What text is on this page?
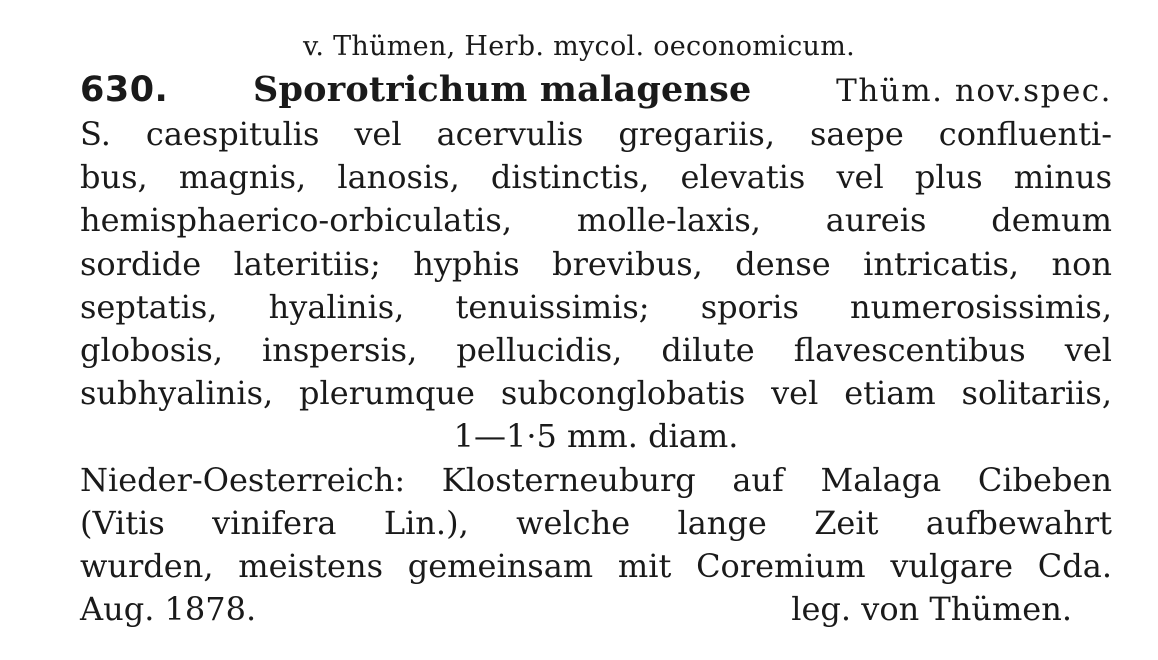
v. Thümen, Herb. mycol. oeconomicum.
630. Sporotrichum malagense	Thüm. nov.spec.
S. caespitulis vel acervulis gregariis, saepe confluenti-
bus, magnis, lanosis, distinctis, elevatis vel plus minus
hemisphaerico-orbiculatis, molle-laxis, aureis demum
sordide lateritiis; hyphis brevibus, dense intricatis, non
septatis, hyalinis, tenuissimis; sporis numerosissimis,
globosis, inspersis, pellucidis, dilute flavescentibus vel
subhyalinis, plerumque subconglobatis vel etiam solitariis,
1—1·5 mm. diam.
Nieder-Oesterreich: Klosterneuburg auf Malaga Cibeben
(Vitis vinifera Lin.), welche lange Zeit aufbewahrt
wurden, meistens gemeinsam mit Coremium vulgare Cda.
Aug. 1878.	leg. von Thümen.
